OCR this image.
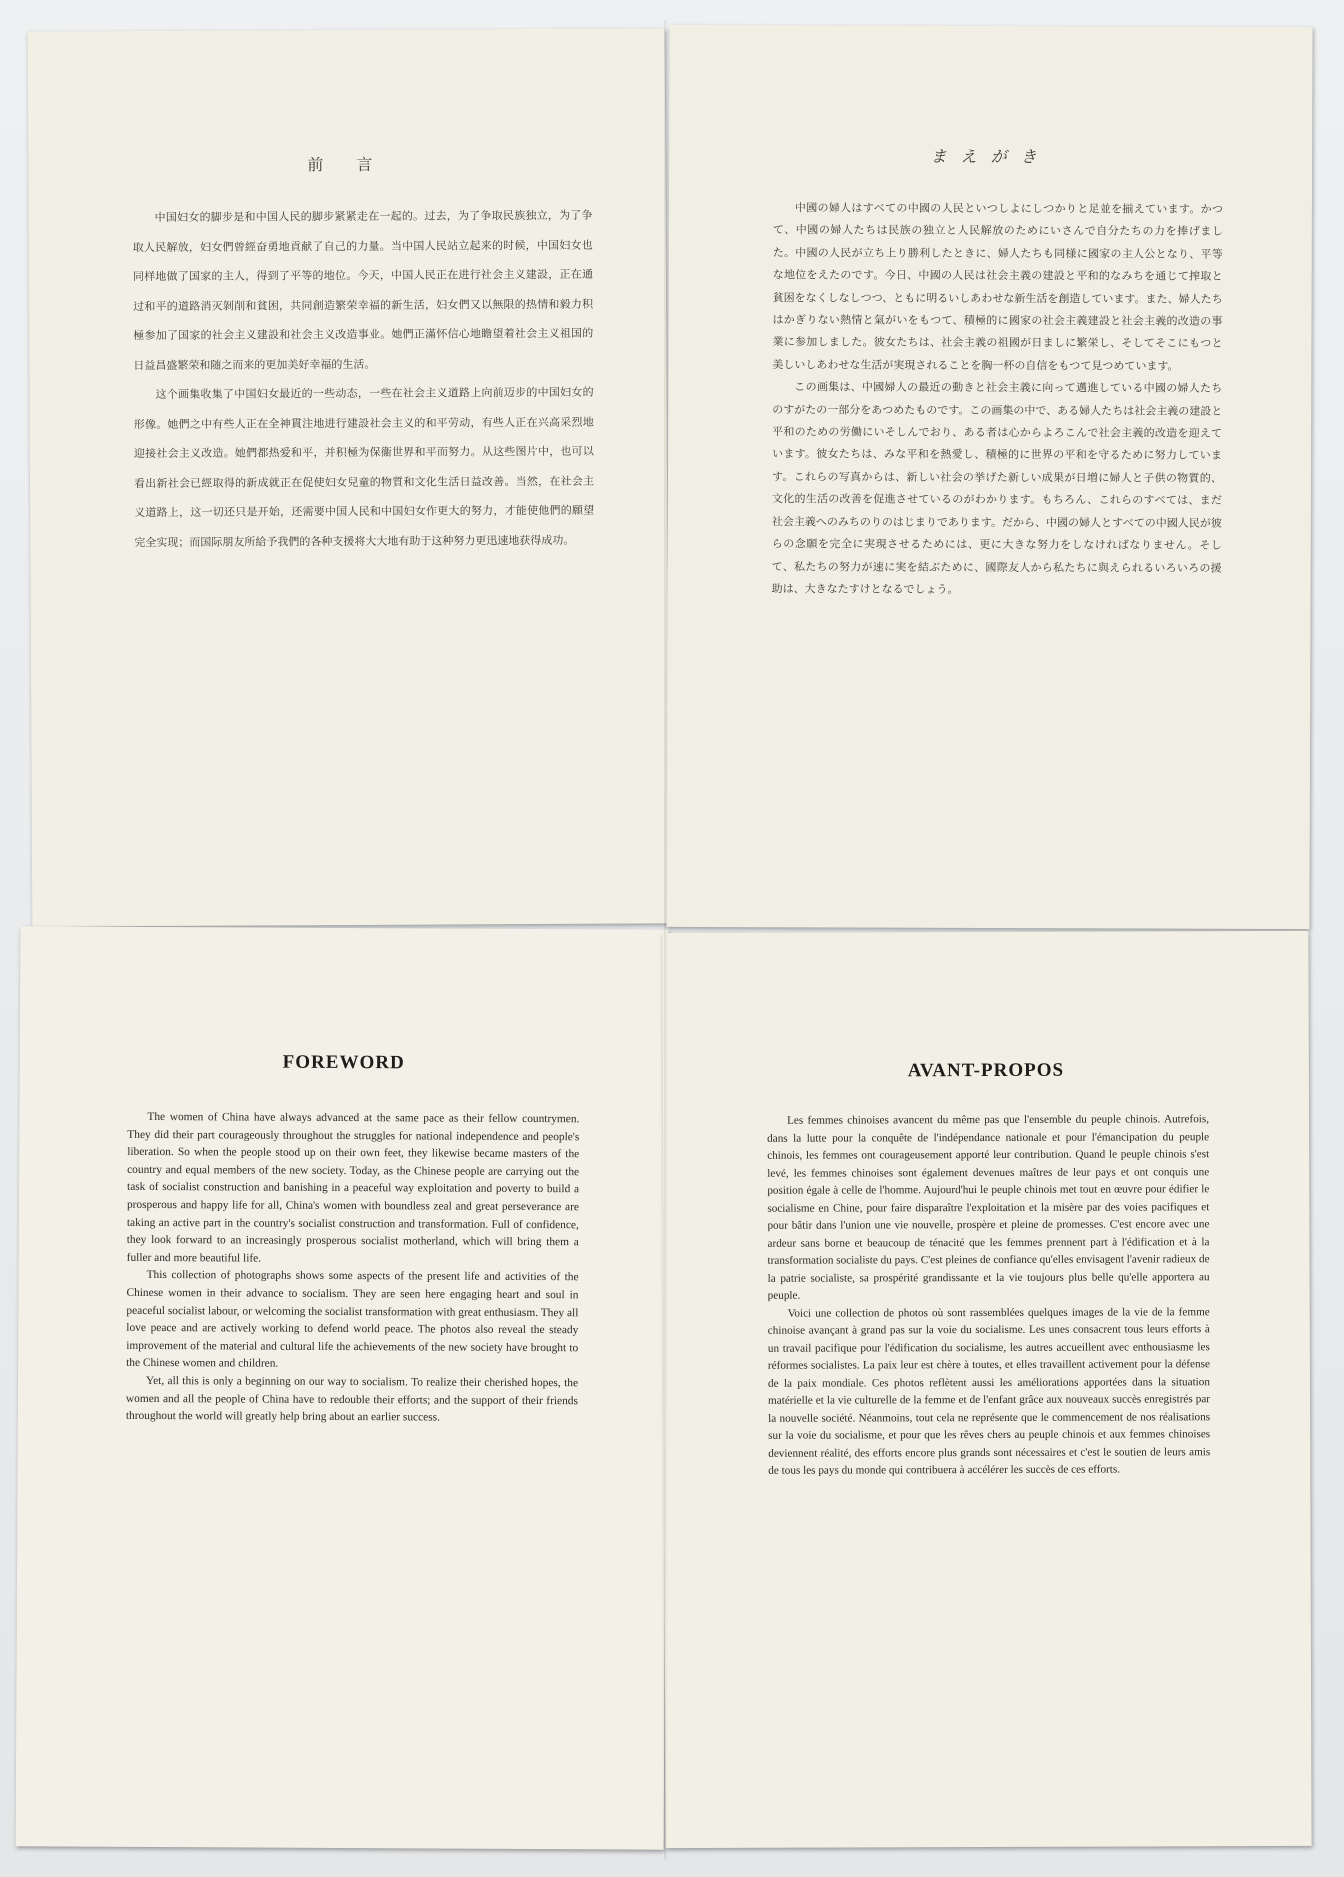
前 言

中国妇女的脚步是和中国人民的脚步紧紧走在一起的。过去，为了争取民族独立，为了争取人民解放，妇女們曾經奋勇地貢献了自己的力量。当中国人民站立起来的时候，中国妇女也同样地做了国家的主人，得到了平等的地位。今天，中国人民正在进行社会主义建設，正在通过和平的道路消灭剝削和貧困，共同創造繁荣幸福的新生活，妇女們又以無限的热情和毅力积極参加了国家的社会主义建設和社会主义改造事业。她們正滿怀信心地瞻望着社会主义祖国的日益昌盛繁荣和随之而来的更加美好幸福的生活。

这个画集收集了中国妇女最近的一些动态，一些在社会主义道路上向前迈步的中国妇女的形像。她們之中有些人正在全神貫注地进行建設社会主义的和平劳动，有些人正在兴高采烈地迎接社会主义改造。她們都热爱和平，并积極为保衞世界和平而努力。从这些图片中，也可以看出新社会已經取得的新成就正在促使妇女兒童的物質和文化生活日益改善。当然，在社会主义道路上，这一切还只是开始，还需要中国人民和中国妇女作更大的努力，才能使他們的願望完全实现；而国际朋友所給予我們的各种支援将大大地有助于这种努力更迅速地获得成功。

まえがき

中國の婦人はすべての中國の人民といつしよにしつかりと足並を揃えています。かつて、中國の婦人たちは民族の独立と人民解放のためにいさんで自分たちの力を捧げました。中國の人民が立ち上り勝利したときに、婦人たちも同様に國家の主人公となり、平等な地位をえたのです。今日、中國の人民は社会主義の建設と平和的なみちを通じて搾取と貧困をなくしなしつつ、ともに明るいしあわせな新生活を創造しています。また、婦人たちはかぎりない熱情と氣がいをもつて、積極的に國家の社会主義建設と社会主義的改造の事業に参加しました。彼女たちは、社会主義の祖國が日ましに繁栄し、そしてそこにもつと美しいしあわせな生活が実現されることを胸一杯の自信をもつて見つめています。

この画集は、中國婦人の最近の動きと社会主義に向って邁進している中國の婦人たちのすがたの一部分をあつめたものです。この画集の中で、ある婦人たちは社会主義の建設と平和のための労働にいそしんでおり、ある者は心からよろこんで社会主義的改造を迎えています。彼女たちは、みな平和を熱愛し、積極的に世界の平和を守るために努力しています。これらの写真からは、新しい社会の挙げた新しい成果が日増に婦人と子供の物質的、文化的生活の改善を促進させているのがわかります。もちろん、これらのすべては、まだ社会主義へのみちのりのはじまりであります。だから、中國の婦人とすべての中國人民が彼らの念願を完全に実現させるためには、更に大きな努力をしなければなりません。そして、私たちの努力が速に実を結ぶために、國際友人から私たちに與えられるいろいろの援助は、大きなたすけとなるでしょう。

FOREWORD

The women of China have always advanced at the same pace as their fellow countrymen. They did their part courageously throughout the struggles for national independence and people's liberation. So when the people stood up on their own feet, they likewise became masters of the country and equal members of the new society. Today, as the Chinese people are carrying out the task of socialist construction and banishing in a peaceful way exploitation and poverty to build a prosperous and happy life for all, China's women with boundless zeal and great perseverance are taking an active part in the country's socialist construction and transformation. Full of confidence, they look forward to an increasingly prosperous socialist motherland, which will bring them a fuller and more beautiful life.

This collection of photographs shows some aspects of the present life and activities of the Chinese women in their advance to socialism. They are seen here engaging heart and soul in peaceful socialist labour, or welcoming the socialist transformation with great enthusiasm. They all love peace and are actively working to defend world peace. The photos also reveal the steady improvement of the material and cultural life the achievements of the new society have brought to the Chinese women and children.

Yet, all this is only a beginning on our way to socialism. To realize their cherished hopes, the women and all the people of China have to redouble their efforts; and the support of their friends throughout the world will greatly help bring about an earlier success.

AVANT-PROPOS

Les femmes chinoises avancent du même pas que l'ensemble du peuple chinois. Autrefois, dans la lutte pour la conquête de l'indépendance nationale et pour l'émancipation du peuple chinois, les femmes ont courageusement apporté leur contribution. Quand le peuple chinois s'est levé, les femmes chinoises sont également devenues maîtres de leur pays et ont conquis une position égale à celle de l'homme. Aujourd'hui le peuple chinois met tout en œuvre pour édifier le socialisme en Chine, pour faire disparaître l'exploitation et la misère par des voies pacifiques et pour bâtir dans l'union une vie nouvelle, prospère et pleine de promesses. C'est encore avec une ardeur sans borne et beaucoup de ténacité que les femmes prennent part à l'édification et à la transformation socialiste du pays. C'est pleines de confiance qu'elles envisagent l'avenir radieux de la patrie socialiste, sa prospérité grandissante et la vie toujours plus belle qu'elle apportera au peuple.

Voici une collection de photos où sont rassemblées quelques images de la vie de la femme chinoise avançant à grand pas sur la voie du socialisme. Les unes consacrent tous leurs efforts à un travail pacifique pour l'édification du socialisme, les autres accueillent avec enthousiasme les réformes socialistes. La paix leur est chère à toutes, et elles travaillent activement pour la défense de la paix mondiale. Ces photos reflètent aussi les améliorations apportées dans la situation matérielle et la vie culturelle de la femme et de l'enfant grâce aux nouveaux succès enregistrés par la nouvelle société. Néanmoins, tout cela ne représente que le commencement de nos réalisations sur la voie du socialisme, et pour que les rêves chers au peuple chinois et aux femmes chinoises deviennent réalité, des efforts encore plus grands sont nécessaires et c'est le soutien de leurs amis de tous les pays du monde qui contribuera à accélérer les succès de ces efforts.
